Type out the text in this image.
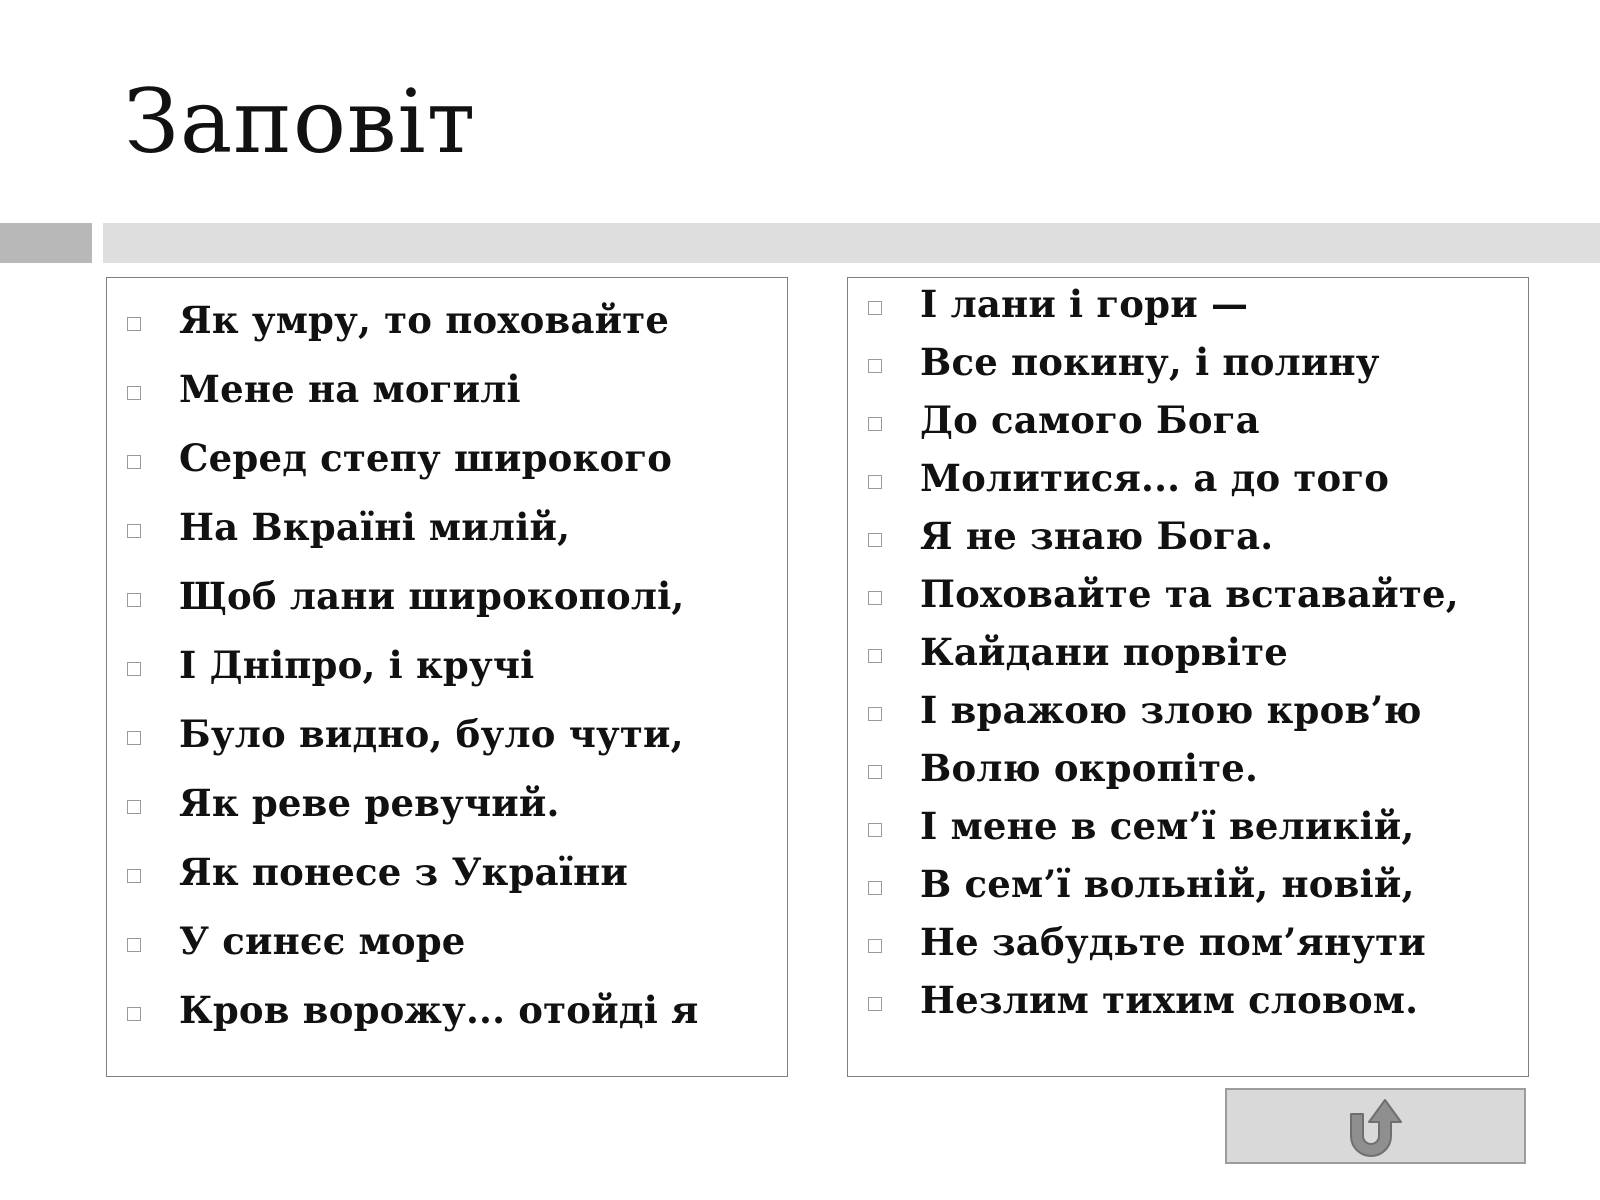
Заповіт
Як умру, то поховайте
Мене на могилі
Серед степу широкого
На Вкраїні милій,
Щоб лани широкополі,
І Дніпро, і кручі
Було видно, було чути,
Як реве ревучий.
Як понесе з України
У синєє море
Кров ворожу... отойді я
І лани і гори —
Все покину, і полину
До самого Бога
Молитися... а до того
Я не знаю Бога.
Поховайте та вставайте,
Кайдани порвіте
І вражою злою кров’ю
Волю окропіте.
І мене в сем’ї великій,
В сем’ї вольній, новій,
Не забудьте пом’янути
Незлим тихим словом.
